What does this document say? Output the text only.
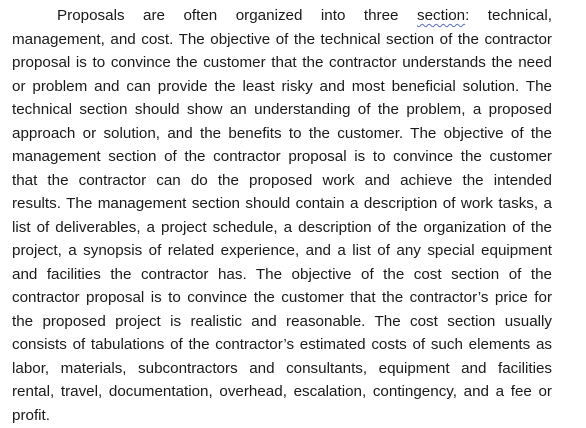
Proposals are often organized into three section: technical,
management, and cost. The objective of the technical section of the contractor
proposal is to convince the customer that the contractor understands the need
or problem and can provide the least risky and most beneficial solution. The
technical section should show an understanding of the problem, a proposed
approach or solution, and the benefits to the customer. The objective of the
management section of the contractor proposal is to convince the customer
that the contractor can do the proposed work and achieve the intended
results. The management section should contain a description of work tasks, a
list of deliverables, a project schedule, a description of the organization of the
project, a synopsis of related experience, and a list of any special equipment
and facilities the contractor has. The objective of the cost section of the
contractor proposal is to convince the customer that the contractor’s price for
the proposed project is realistic and reasonable. The cost section usually
consists of tabulations of the contractor’s estimated costs of such elements as
labor, materials, subcontractors and consultants, equipment and facilities
rental, travel, documentation, overhead, escalation, contingency, and a fee or
profit.
